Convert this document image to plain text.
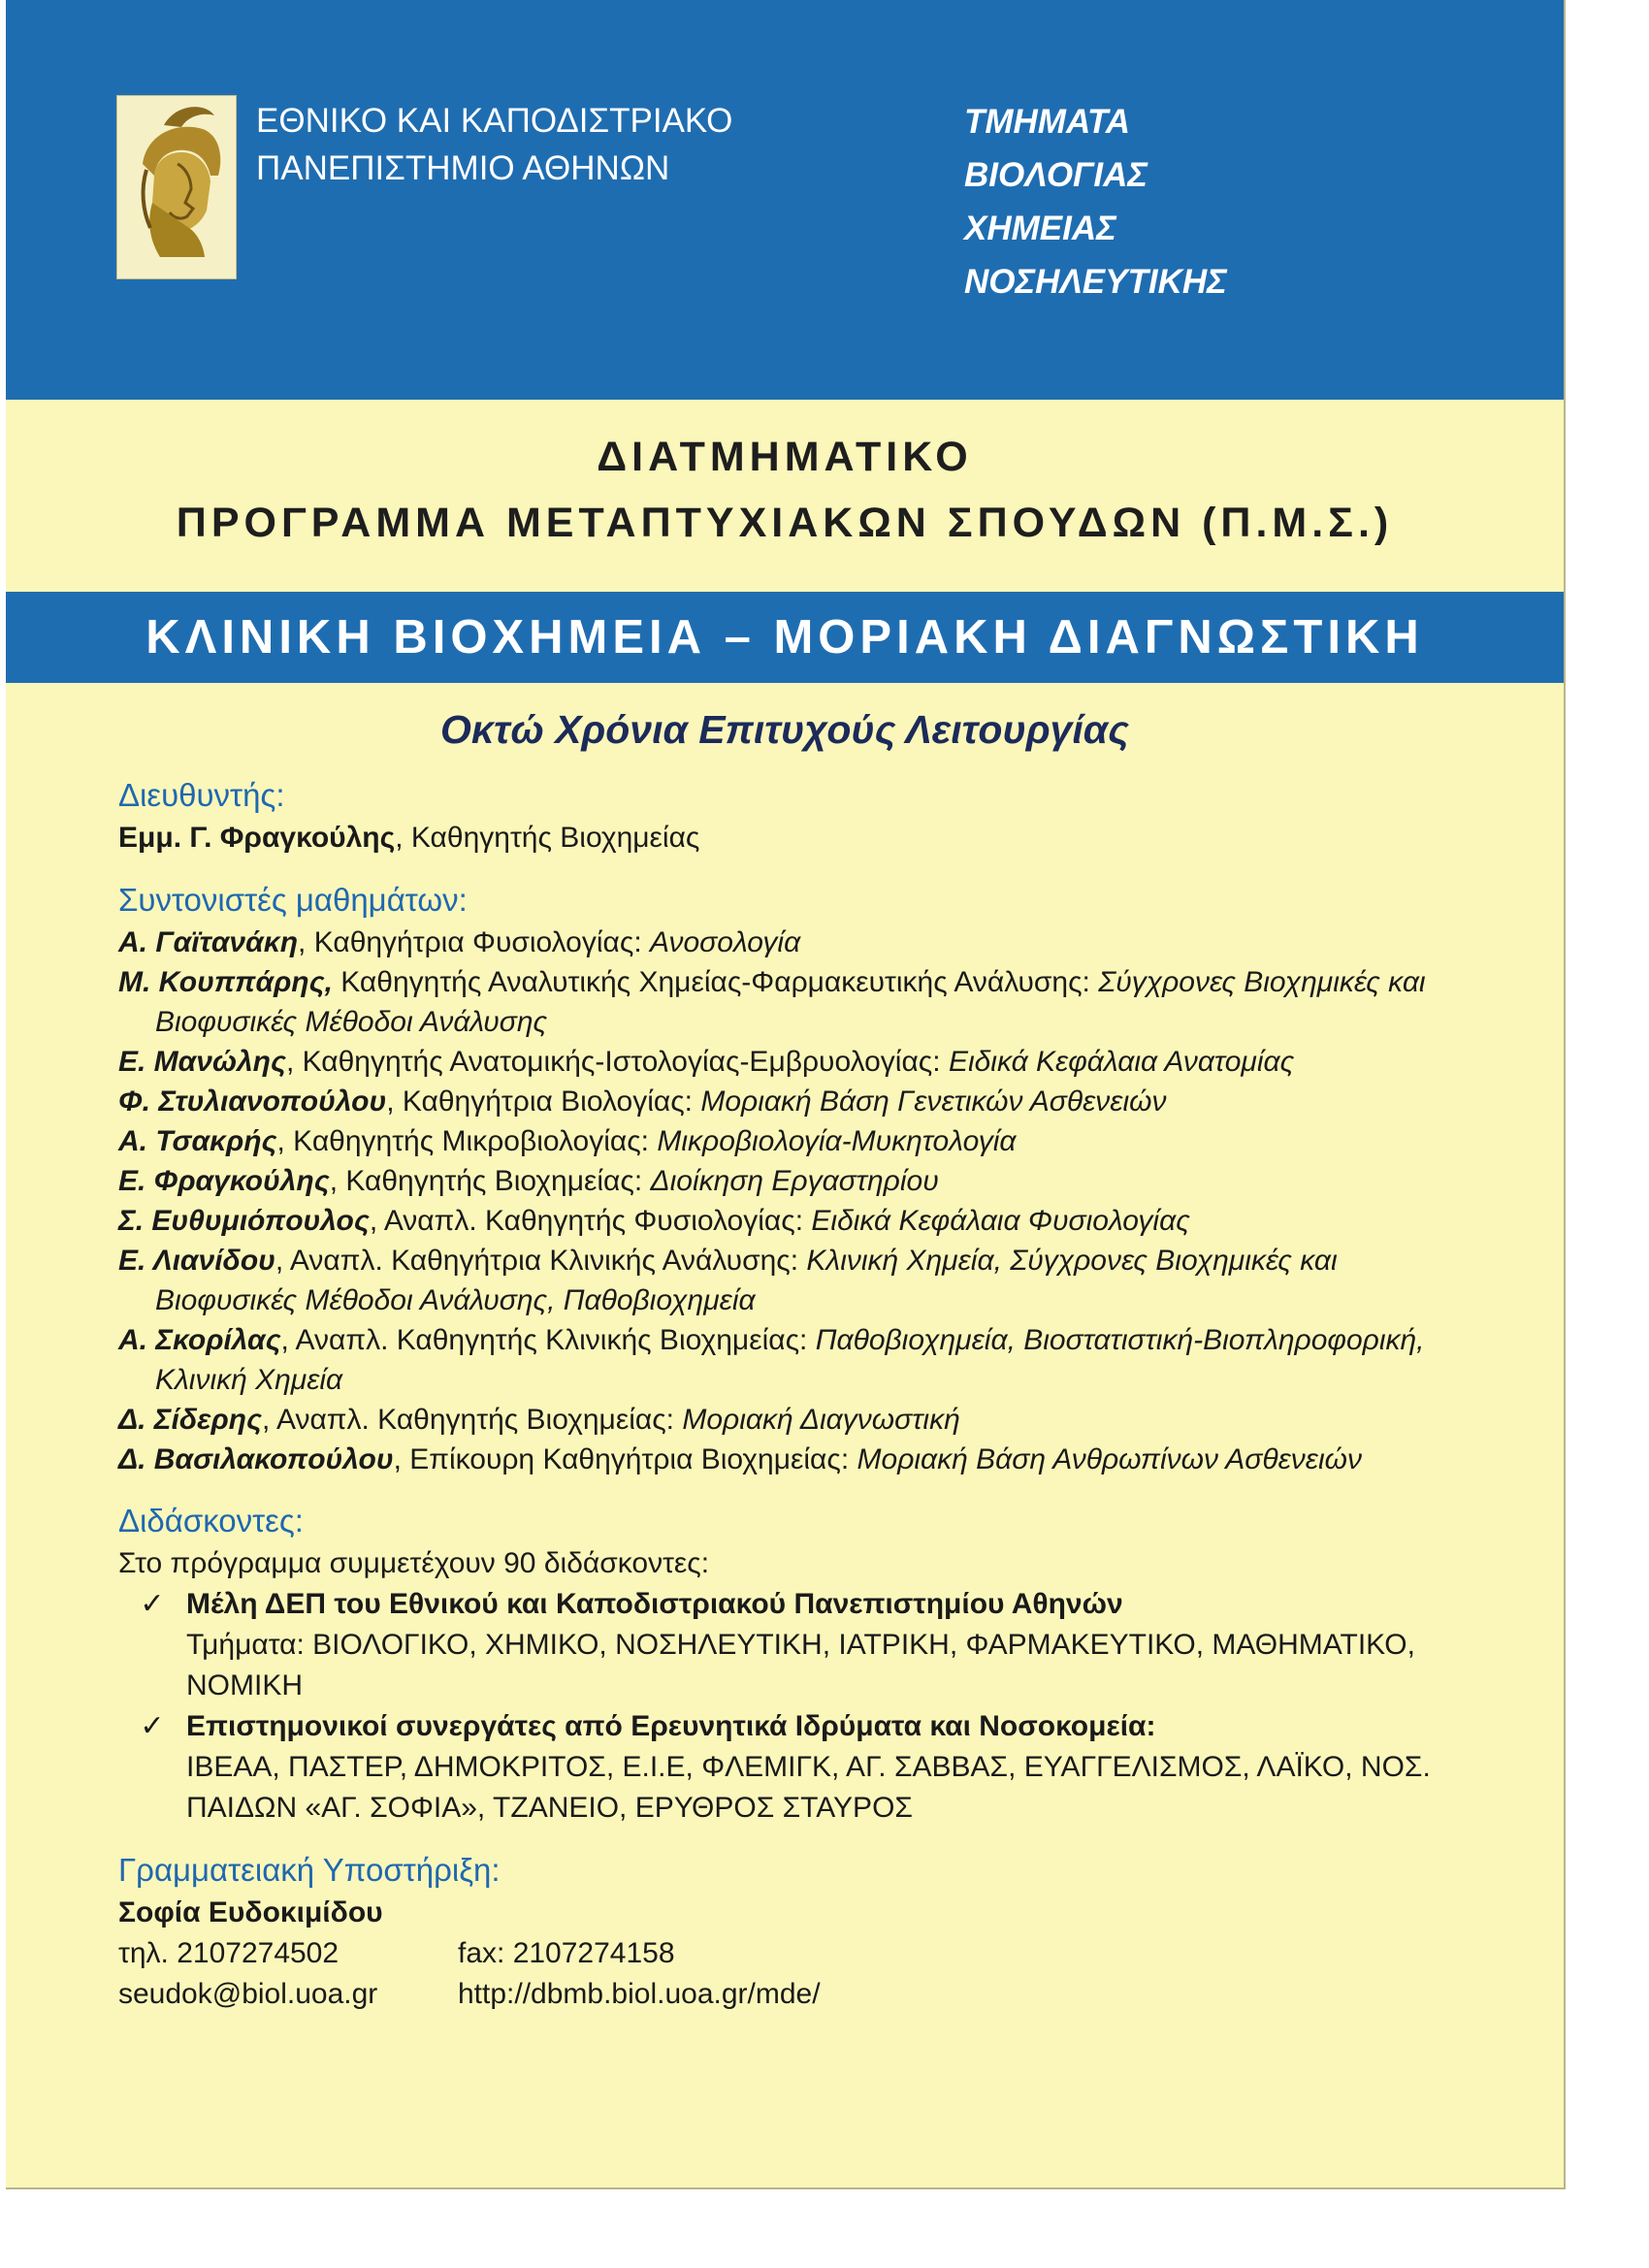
ΕΘΝΙΚΟ ΚΑΙ ΚΑΠΟΔΙΣΤΡΙΑΚΟ
ΠΑΝΕΠΙΣΤΗΜΙΟ ΑΘΗΝΩΝ
ΤΜΗΜΑΤΑ
ΒΙΟΛΟΓΙΑΣ
ΧΗΜΕΙΑΣ
ΝΟΣΗΛΕΥΤΙΚΗΣ
ΔΙΑΤΜΗΜΑΤΙΚΟ
ΠΡΟΓΡΑΜΜΑ ΜΕΤΑΠΤΥΧΙΑΚΩΝ ΣΠΟΥΔΩΝ (Π.Μ.Σ.)
ΚΛΙΝΙΚΗ ΒΙΟΧΗΜΕΙΑ – ΜΟΡΙΑΚΗ ΔΙΑΓΝΩΣΤΙΚΗ
Οκτώ Χρόνια Επιτυχούς Λειτουργίας
Διευθυντής:
Εμμ. Γ. Φραγκούλης, Καθηγητής Βιοχημείας
Συντονιστές μαθημάτων:
Α. Γαϊτανάκη, Καθηγήτρια Φυσιολογίας: Ανοσολογία
Μ. Κουππάρης, Καθηγητής Αναλυτικής Χημείας-Φαρμακευτικής Ανάλυσης: Σύγχρονες Βιοχημικές και Βιοφυσικές Μέθοδοι Ανάλυσης
Ε. Μανώλης, Καθηγητής Ανατομικής-Ιστολογίας-Εμβρυολογίας: Ειδικά Κεφάλαια Ανατομίας
Φ. Στυλιανοπούλου, Καθηγήτρια Βιολογίας: Μοριακή Βάση Γενετικών Ασθενειών
Α. Τσακρής, Καθηγητής Μικροβιολογίας: Μικροβιολογία-Μυκητολογία
Ε. Φραγκούλης, Καθηγητής Βιοχημείας: Διοίκηση Εργαστηρίου
Σ. Ευθυμιόπουλος, Αναπλ. Καθηγητής Φυσιολογίας: Ειδικά Κεφάλαια Φυσιολογίας
Ε. Λιανίδου, Αναπλ. Καθηγήτρια Κλινικής Ανάλυσης: Κλινική Χημεία, Σύγχρονες Βιοχημικές και Βιοφυσικές Μέθοδοι Ανάλυσης, Παθοβιοχημεία
Α. Σκορίλας, Αναπλ. Καθηγητής Κλινικής Βιοχημείας: Παθοβιοχημεία, Βιοστατιστική-Βιοπληροφορική, Κλινική Χημεία
Δ. Σίδερης, Αναπλ. Καθηγητής Βιοχημείας: Μοριακή Διαγνωστική
Δ. Βασιλακοπούλου, Επίκουρη Καθηγήτρια Βιοχημείας: Μοριακή Βάση Ανθρωπίνων Ασθενειών
Διδάσκοντες:
Στο πρόγραμμα συμμετέχουν 90 διδάσκοντες:
✓ Μέλη ΔΕΠ του Εθνικού και Καποδιστριακού Πανεπιστημίου Αθηνών
Τμήματα: ΒΙΟΛΟΓΙΚΟ, ΧΗΜΙΚΟ, ΝΟΣΗΛΕΥΤΙΚΗ, ΙΑΤΡΙΚΗ, ΦΑΡΜΑΚΕΥΤΙΚΟ, ΜΑΘΗΜΑΤΙΚΟ, ΝΟΜΙΚΗ
✓ Επιστημονικοί συνεργάτες από Ερευνητικά Ιδρύματα και Νοσοκομεία:
ΙΒΕΑΑ, ΠΑΣΤΕΡ, ΔΗΜΟΚΡΙΤΟΣ, Ε.Ι.Ε, ΦΛΕΜΙΓΚ, ΑΓ. ΣΑΒΒΑΣ, ΕΥΑΓΓΕΛΙΣΜΟΣ, ΛΑΪΚΟ, ΝΟΣ. ΠΑΙΔΩΝ «ΑΓ. ΣΟΦΙΑ», ΤΖΑΝΕΙΟ, ΕΡΥΘΡΟΣ ΣΤΑΥΡΟΣ
Γραμματειακή Υποστήριξη:
Σοφία Ευδοκιμίδου
τηλ. 2107274502	fax: 2107274158
seudok@biol.uoa.gr	http://dbmb.biol.uoa.gr/mde/
